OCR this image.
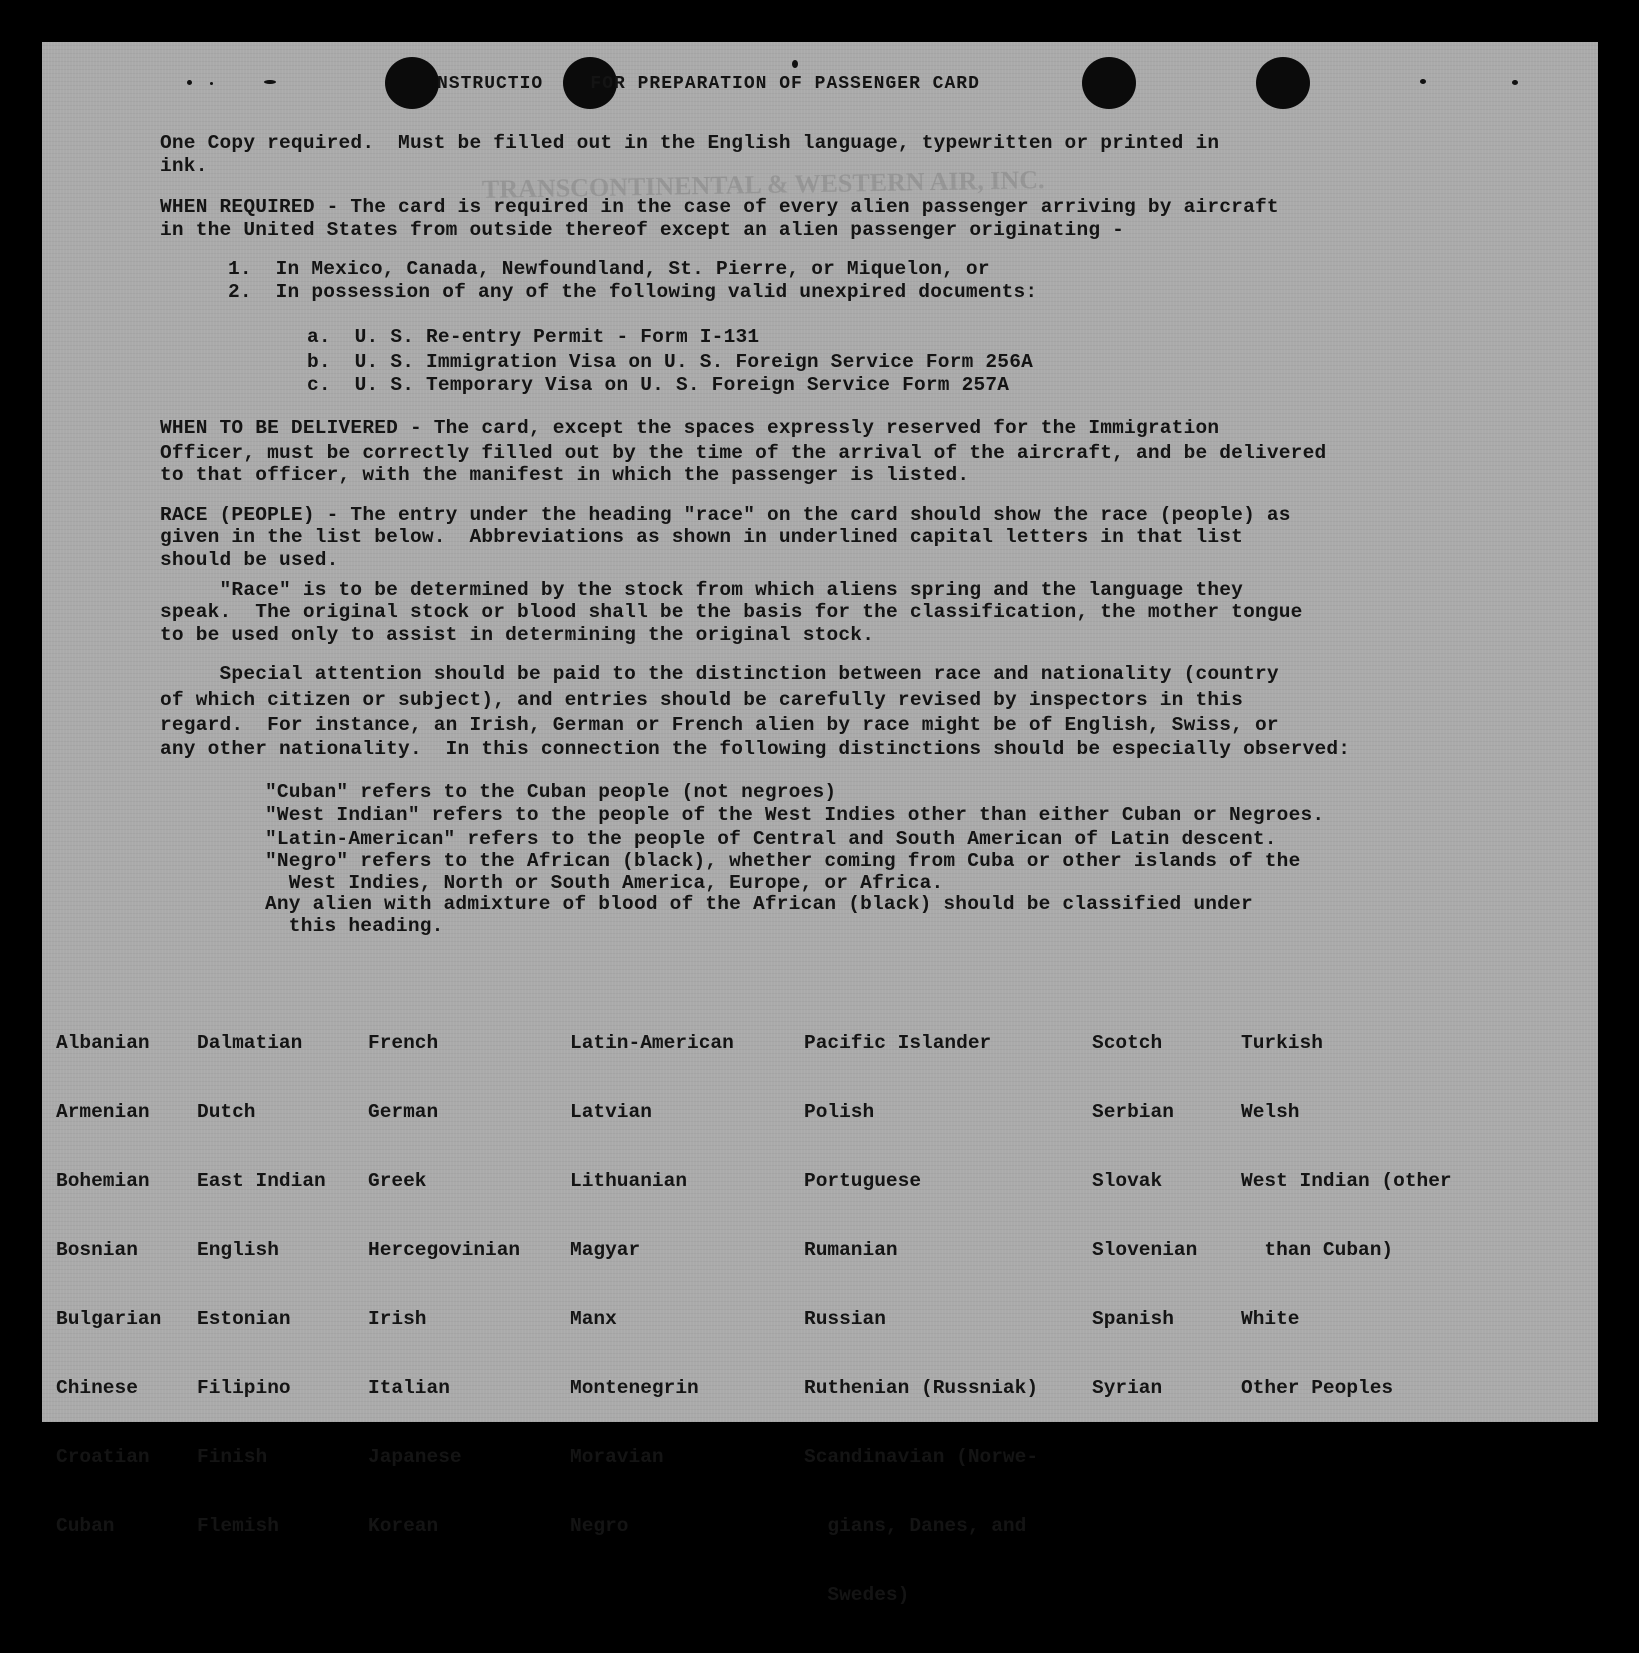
TRANSCONTINENTAL & WESTERN AIR, INC.
NSTRUCTIO    FOR PREPARATION OF PASSENGER CARD
One Copy required.  Must be filled out in the English language, typewritten or printed in
ink.
WHEN REQUIRED - The card is required in the case of every alien passenger arriving by aircraft
in the United States from outside thereof except an alien passenger originating -
1.  In Mexico, Canada, Newfoundland, St. Pierre, or Miquelon, or
2.  In possession of any of the following valid unexpired documents:
a.  U. S. Re-entry Permit - Form I-131
b.  U. S. Immigration Visa on U. S. Foreign Service Form 256A
c.  U. S. Temporary Visa on U. S. Foreign Service Form 257A
WHEN TO BE DELIVERED - The card, except the spaces expressly reserved for the Immigration
Officer, must be correctly filled out by the time of the arrival of the aircraft, and be delivered
to that officer, with the manifest in which the passenger is listed.
RACE (PEOPLE) - The entry under the heading "race" on the card should show the race (people) as
given in the list below.  Abbreviations as shown in underlined capital letters in that list
should be used.
"Race" is to be determined by the stock from which aliens spring and the language they
speak.  The original stock or blood shall be the basis for the classification, the mother tongue
to be used only to assist in determining the original stock.
Special attention should be paid to the distinction between race and nationality (country
of which citizen or subject), and entries should be carefully revised by inspectors in this
regard.  For instance, an Irish, German or French alien by race might be of English, Swiss, or
any other nationality.  In this connection the following distinctions should be especially observed:
"Cuban" refers to the Cuban people (not negroes)
"West Indian" refers to the people of the West Indies other than either Cuban or Negroes.
"Latin-American" refers to the people of Central and South American of Latin descent.
"Negro" refers to the African (black), whether coming from Cuba or other islands of the
West Indies, North or South America, Europe, or Africa.
Any alien with admixture of blood of the African (black) should be classified under
this heading.

Albanian

Armenian

Bohemian

Bosnian

Bulgarian

Chinese

Croatian

Cuban

Dalmatian

Dutch

East Indian

English

Estonian

Filipino

Finish

Flemish

French

German

Greek

Hercegovinian

Irish

Italian

Japanese

Korean

Latin-American

Latvian

Lithuanian

Magyar

Manx

Montenegrin

Moravian

Negro

Pacific Islander

Polish

Portuguese

Rumanian

Russian

Ruthenian (Russniak)

Scandinavian (Norwe-

gians, Danes, and

Swedes)

Scotch

Serbian

Slovak

Slovenian

Spanish

Syrian

Turkish

Welsh

West Indian (other

than Cuban)

White

Other Peoples
